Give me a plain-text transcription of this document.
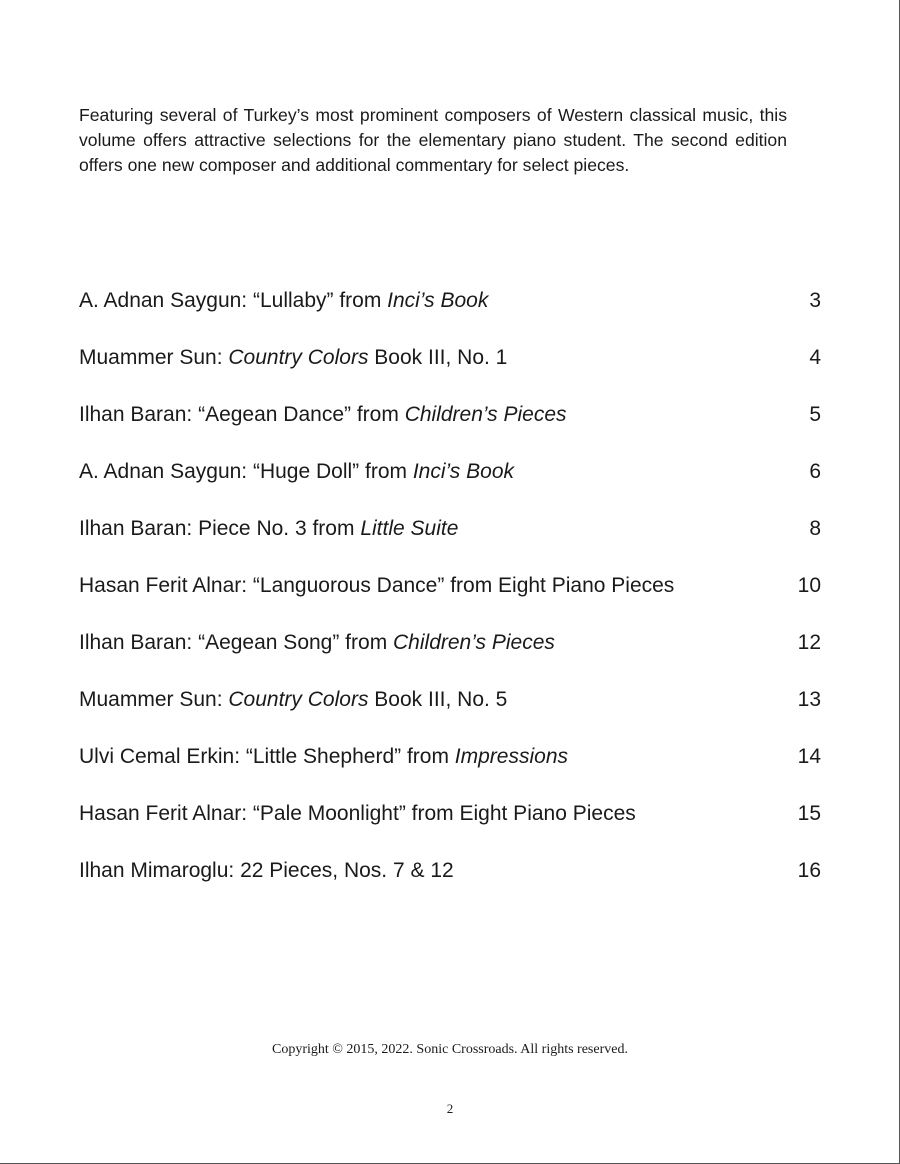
Featuring several of Turkey’s most prominent composers of Western classical music, this volume offers attractive selections for the elementary piano student. The second edition offers one new composer and additional commentary for select pieces.

A. Adnan Saygun: “Lullaby” from Inci’s Book	3
Muammer Sun: Country Colors Book III, No. 1	4
Ilhan Baran: “Aegean Dance” from Children’s Pieces	5
A. Adnan Saygun: “Huge Doll” from Inci’s Book	6
Ilhan Baran: Piece No. 3 from Little Suite	8
Hasan Ferit Alnar: “Languorous Dance” from Eight Piano Pieces	10
Ilhan Baran: “Aegean Song” from Children’s Pieces	12
Muammer Sun: Country Colors Book III, No. 5	13
Ulvi Cemal Erkin: “Little Shepherd” from Impressions	14
Hasan Ferit Alnar: “Pale Moonlight” from Eight Piano Pieces	15
Ilhan Mimaroglu: 22 Pieces, Nos. 7 & 12	16

Copyright © 2015, 2022. Sonic Crossroads. All rights reserved.

2
